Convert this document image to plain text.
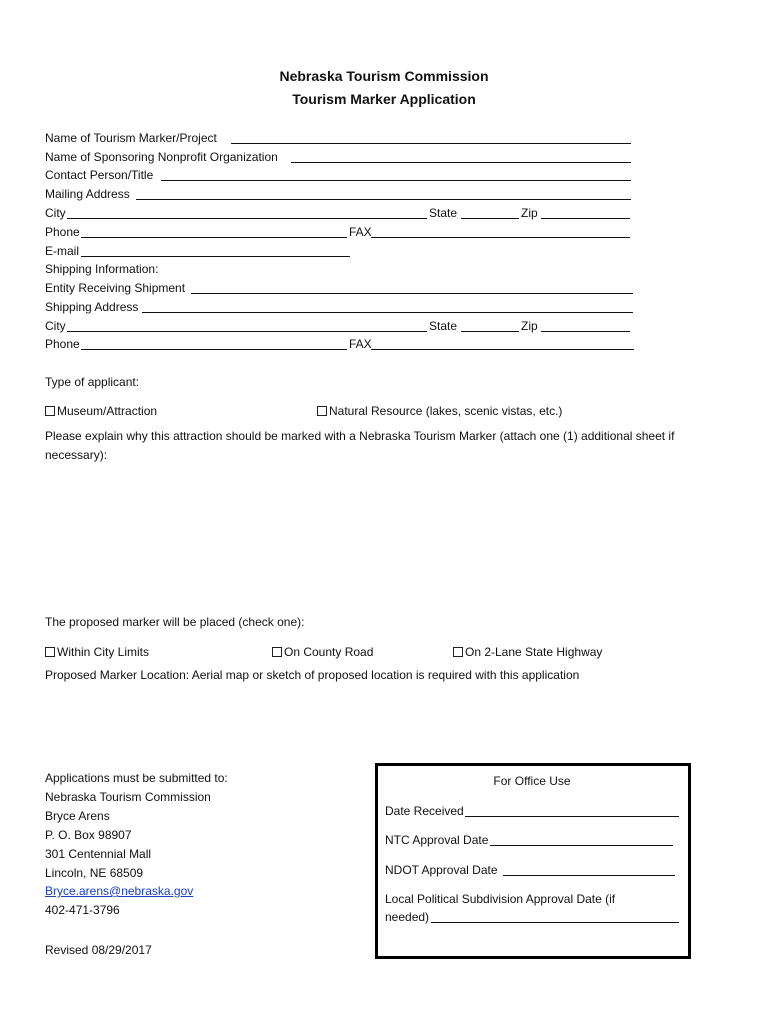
Nebraska Tourism Commission
Tourism Marker Application
Name of Tourism Marker/Project
Name of Sponsoring Nonprofit Organization
Contact Person/Title
Mailing Address
City	State	Zip
Phone	FAX
E-mail
Shipping Information:
Entity Receiving Shipment
Shipping Address
City	State	Zip
Phone	FAX
Type of applicant:
Museum/Attraction	Natural Resource (lakes, scenic vistas, etc.)
Please explain why this attraction should be marked with a Nebraska Tourism Marker (attach one (1) additional sheet if necessary):
The proposed marker will be placed (check one):
Within City Limits	On County Road	On 2-Lane State Highway
Proposed Marker Location: Aerial map or sketch of proposed location is required with this application
Applications must be submitted to:
Nebraska Tourism Commission
Bryce Arens
P. O. Box 98907
301 Centennial Mall
Lincoln, NE 68509
Bryce.arens@nebraska.gov
402-471-3796
Revised 08/29/2017
For Office Use
Date Received
NTC Approval Date
NDOT Approval Date
Local Political Subdivision Approval Date (if
needed)
